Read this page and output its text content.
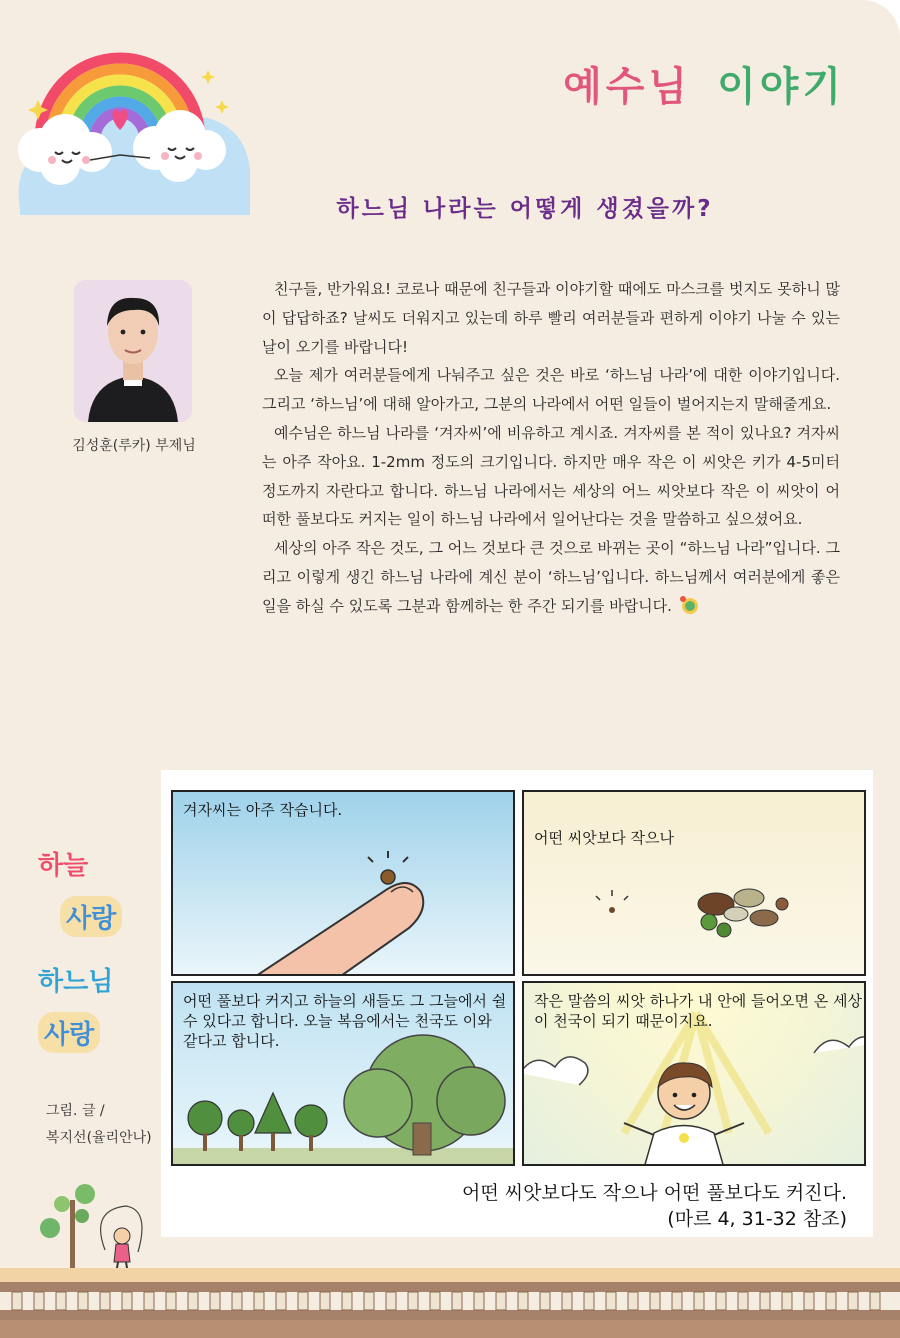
예수님 이야기
하느님 나라는 어떻게 생겼을까?
김성훈(루카) 부제님

친구들, 반가워요! 코로나 때문에 친구들과 이야기할 때에도 마스크를 벗지도 못하니 많이 답답하죠? 날씨도 더워지고 있는데 하루 빨리 여러분들과 편하게 이야기 나눌 수 있는 날이 오기를 바랍니다!

오늘 제가 여러분들에게 나눠주고 싶은 것은 바로 ‘하느님 나라’에 대한 이야기입니다. 그리고 ‘하느님’에 대해 알아가고, 그분의 나라에서 어떤 일들이 벌어지는지 말해줄게요.

예수님은 하느님 나라를 ‘겨자씨’에 비유하고 계시죠. 겨자씨를 본 적이 있나요? 겨자씨는 아주 작아요. 1-2mm 정도의 크기입니다. 하지만 매우 작은 이 씨앗은 키가 4-5미터 정도까지 자란다고 합니다. 하느님 나라에서는 세상의 어느 씨앗보다 작은 이 씨앗이 어떠한 풀보다도 커지는 일이 하느님 나라에서 일어난다는 것을 말씀하고 싶으셨어요.

세상의 아주 작은 것도, 그 어느 것보다 큰 것으로 바뀌는 곳이 “하느님 나라”입니다. 그리고 이렇게 생긴 하느님 나라에 계신 분이 ‘하느님’입니다. 하느님께서 여러분에게 좋은 일을 하실 수 있도록 그분과 함께하는 한 주간 되기를 바랍니다.

겨자씨는 아주 작습니다.
어떤 씨앗보다 작으나
어떤 풀보다 커지고 하늘의 새들도 그 그늘에서 쉴 수 있다고 합니다. 오늘 복음에서는 천국도 이와 같다고 합니다.
작은 말씀의 씨앗 하나가 내 안에 들어오면 온 세상이 천국이 되기 때문이지요.
어떤 씨앗보다도 작으나 어떤 풀보다도 커진다.
(마르 4, 31-32 참조)
하늘
사랑
하느님
사랑
그림. 글 /
복지선(율리안나)
